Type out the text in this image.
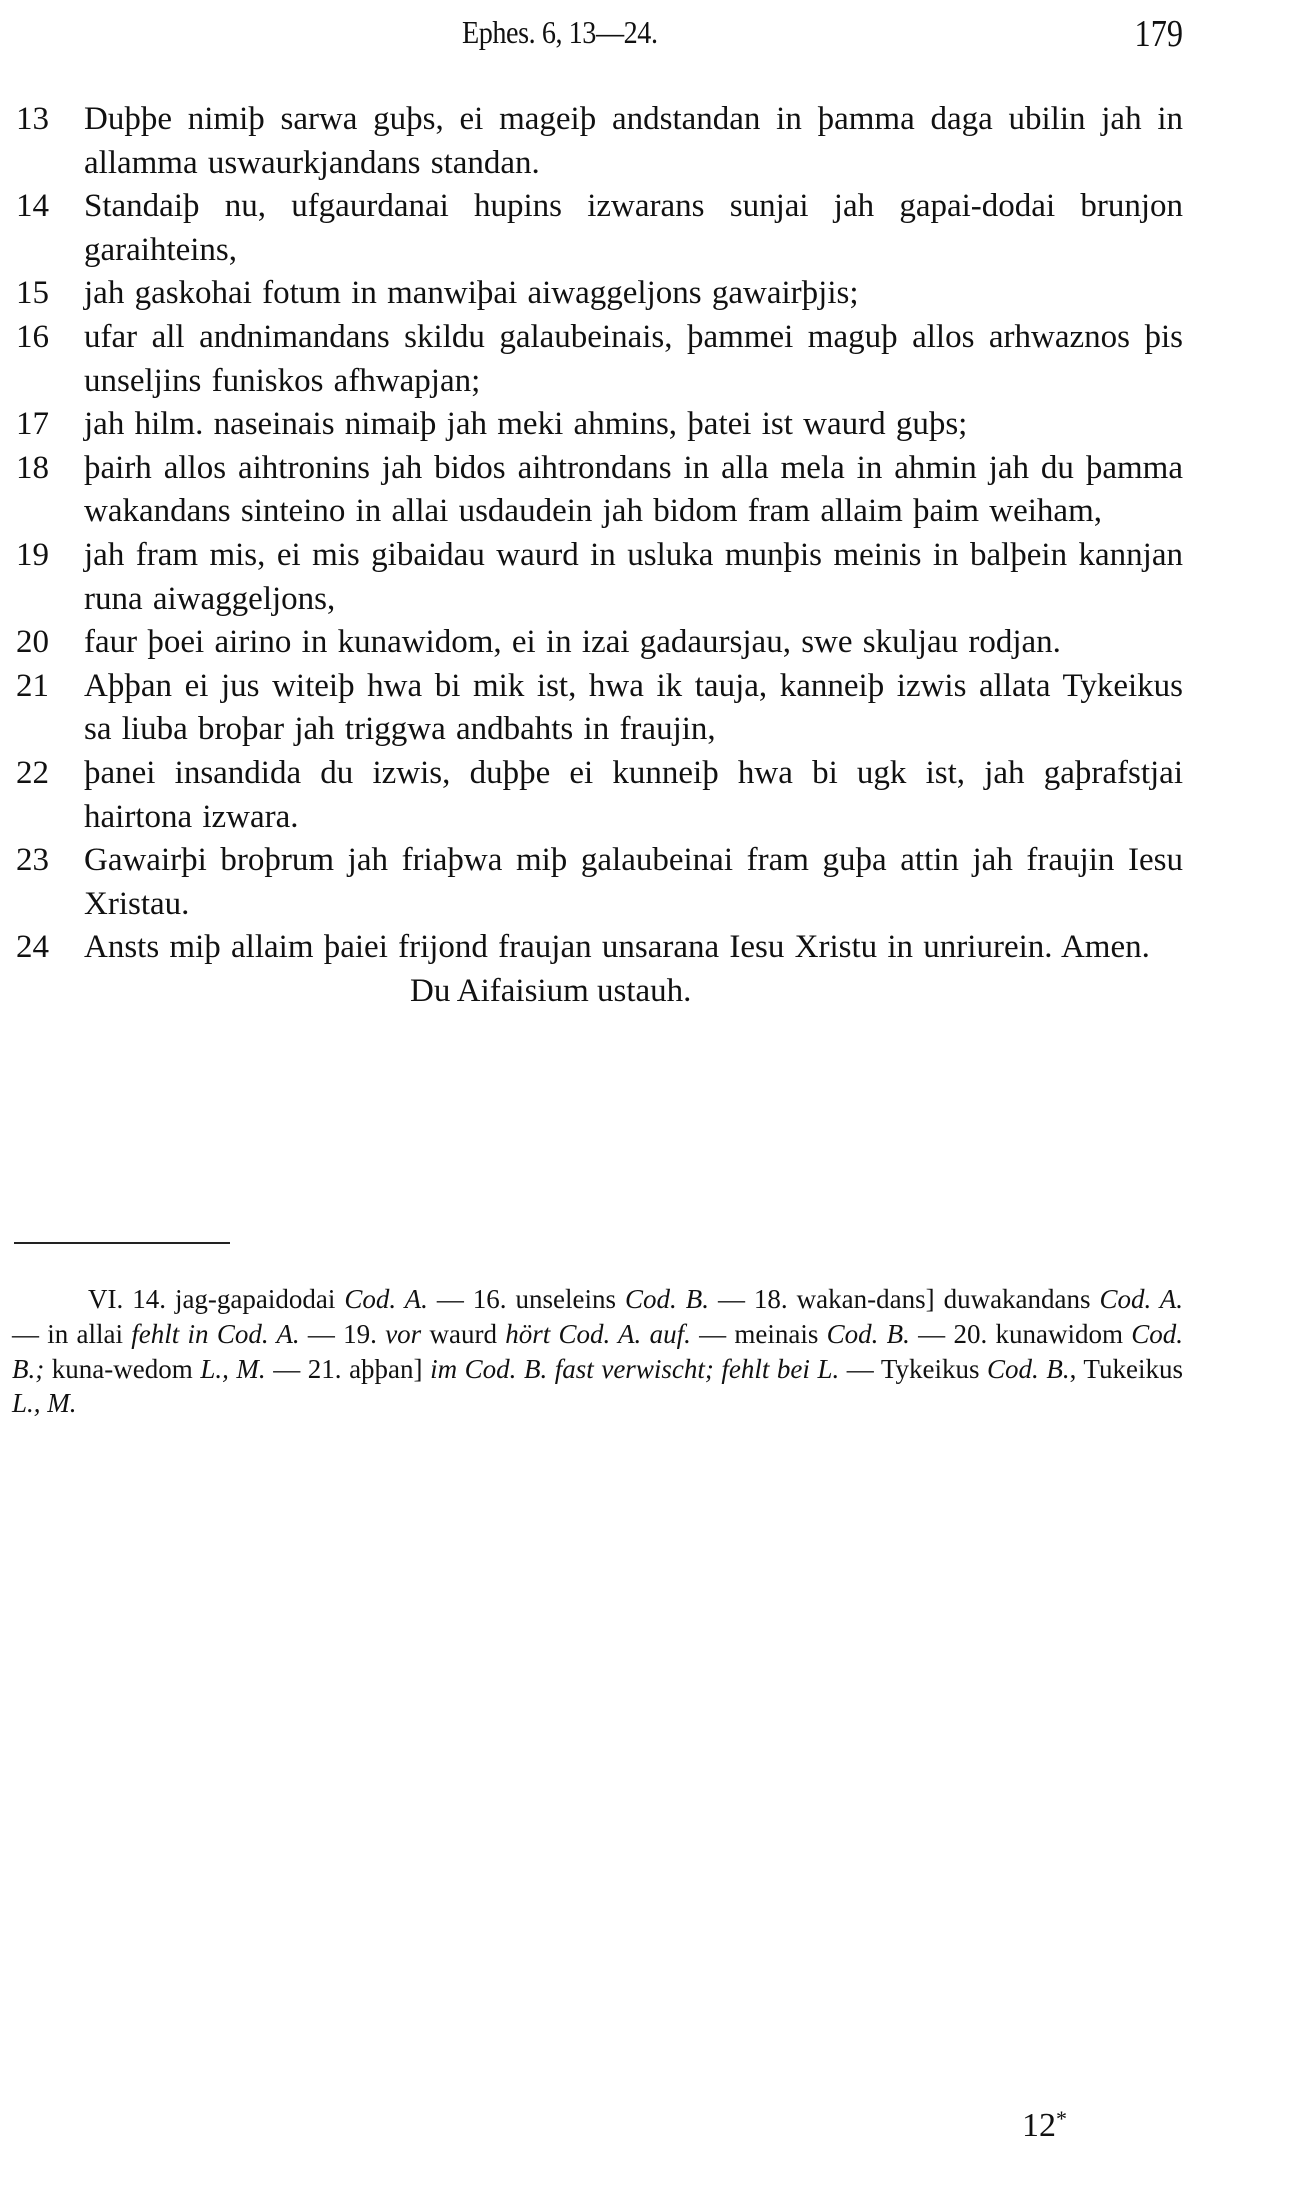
Ephes. 6, 13—24.	179
13	Duþþe nimiþ sarwa guþs, ei mageiþ andstandan in þamma daga ubilin jah in allamma uswaurkjandans standan.
14	Standaiþ nu, ufgaurdanai hupins izwarans sunjai jah gapai-dodai brunjon garaihteins,
15	jah gaskohai fotum in manwiþai aiwaggeljons gawairþjis;
16	ufar all andnimandans skildu galaubeinais, þammei maguþ allos arhwaznos þis unseljins funiskos afhwapjan;
17	jah hilm. naseinais nimaiþ jah meki ahmins, þatei ist waurd guþs;
18	þairh allos aihtronins jah bidos aihtrondans in alla mela in ahmin jah du þamma wakandans sinteino in allai usdaudein jah bidom fram allaim þaim weiham,
19	jah fram mis, ei mis gibaidau waurd in usluka munþis meinis in balþein kannjan runa aiwaggeljons,
20	faur þoei airino in kunawidom, ei in izai gadaursjau, swe skuljau rodjan.
21	Aþþan ei jus witeiþ hwa bi mik ist, hwa ik tauja, kanneiþ izwis allata Tykeikus sa liuba broþar jah triggwa andbahts in fraujin,
22	þanei insandida du izwis, duþþe ei kunneiþ hwa bi ugk ist, jah gaþrafstjai hairtona izwara.
23	Gawairþi broþrum jah friaþwa miþ galaubeinai fram guþa attin jah fraujin Iesu Xristau.
24	Ansts miþ allaim þaiei frijond fraujan unsarana Iesu Xristu in unriurein. Amen.
Du Aifaisium ustauh.
VI. 14. jag-gapaidodai Cod. A. — 16. unseleins Cod. B. — 18. wakan-dans] duwakandans Cod. A. — in allai fehlt in Cod. A. — 19. vor waurd hört Cod. A. auf. — meinais Cod. B. — 20. kunawidom Cod. B.; kuna-wedom L., M. — 21. aþþan] im Cod. B. fast verwischt; fehlt bei L. — Tykeikus Cod. B., Tukeikus L., M.
12*
